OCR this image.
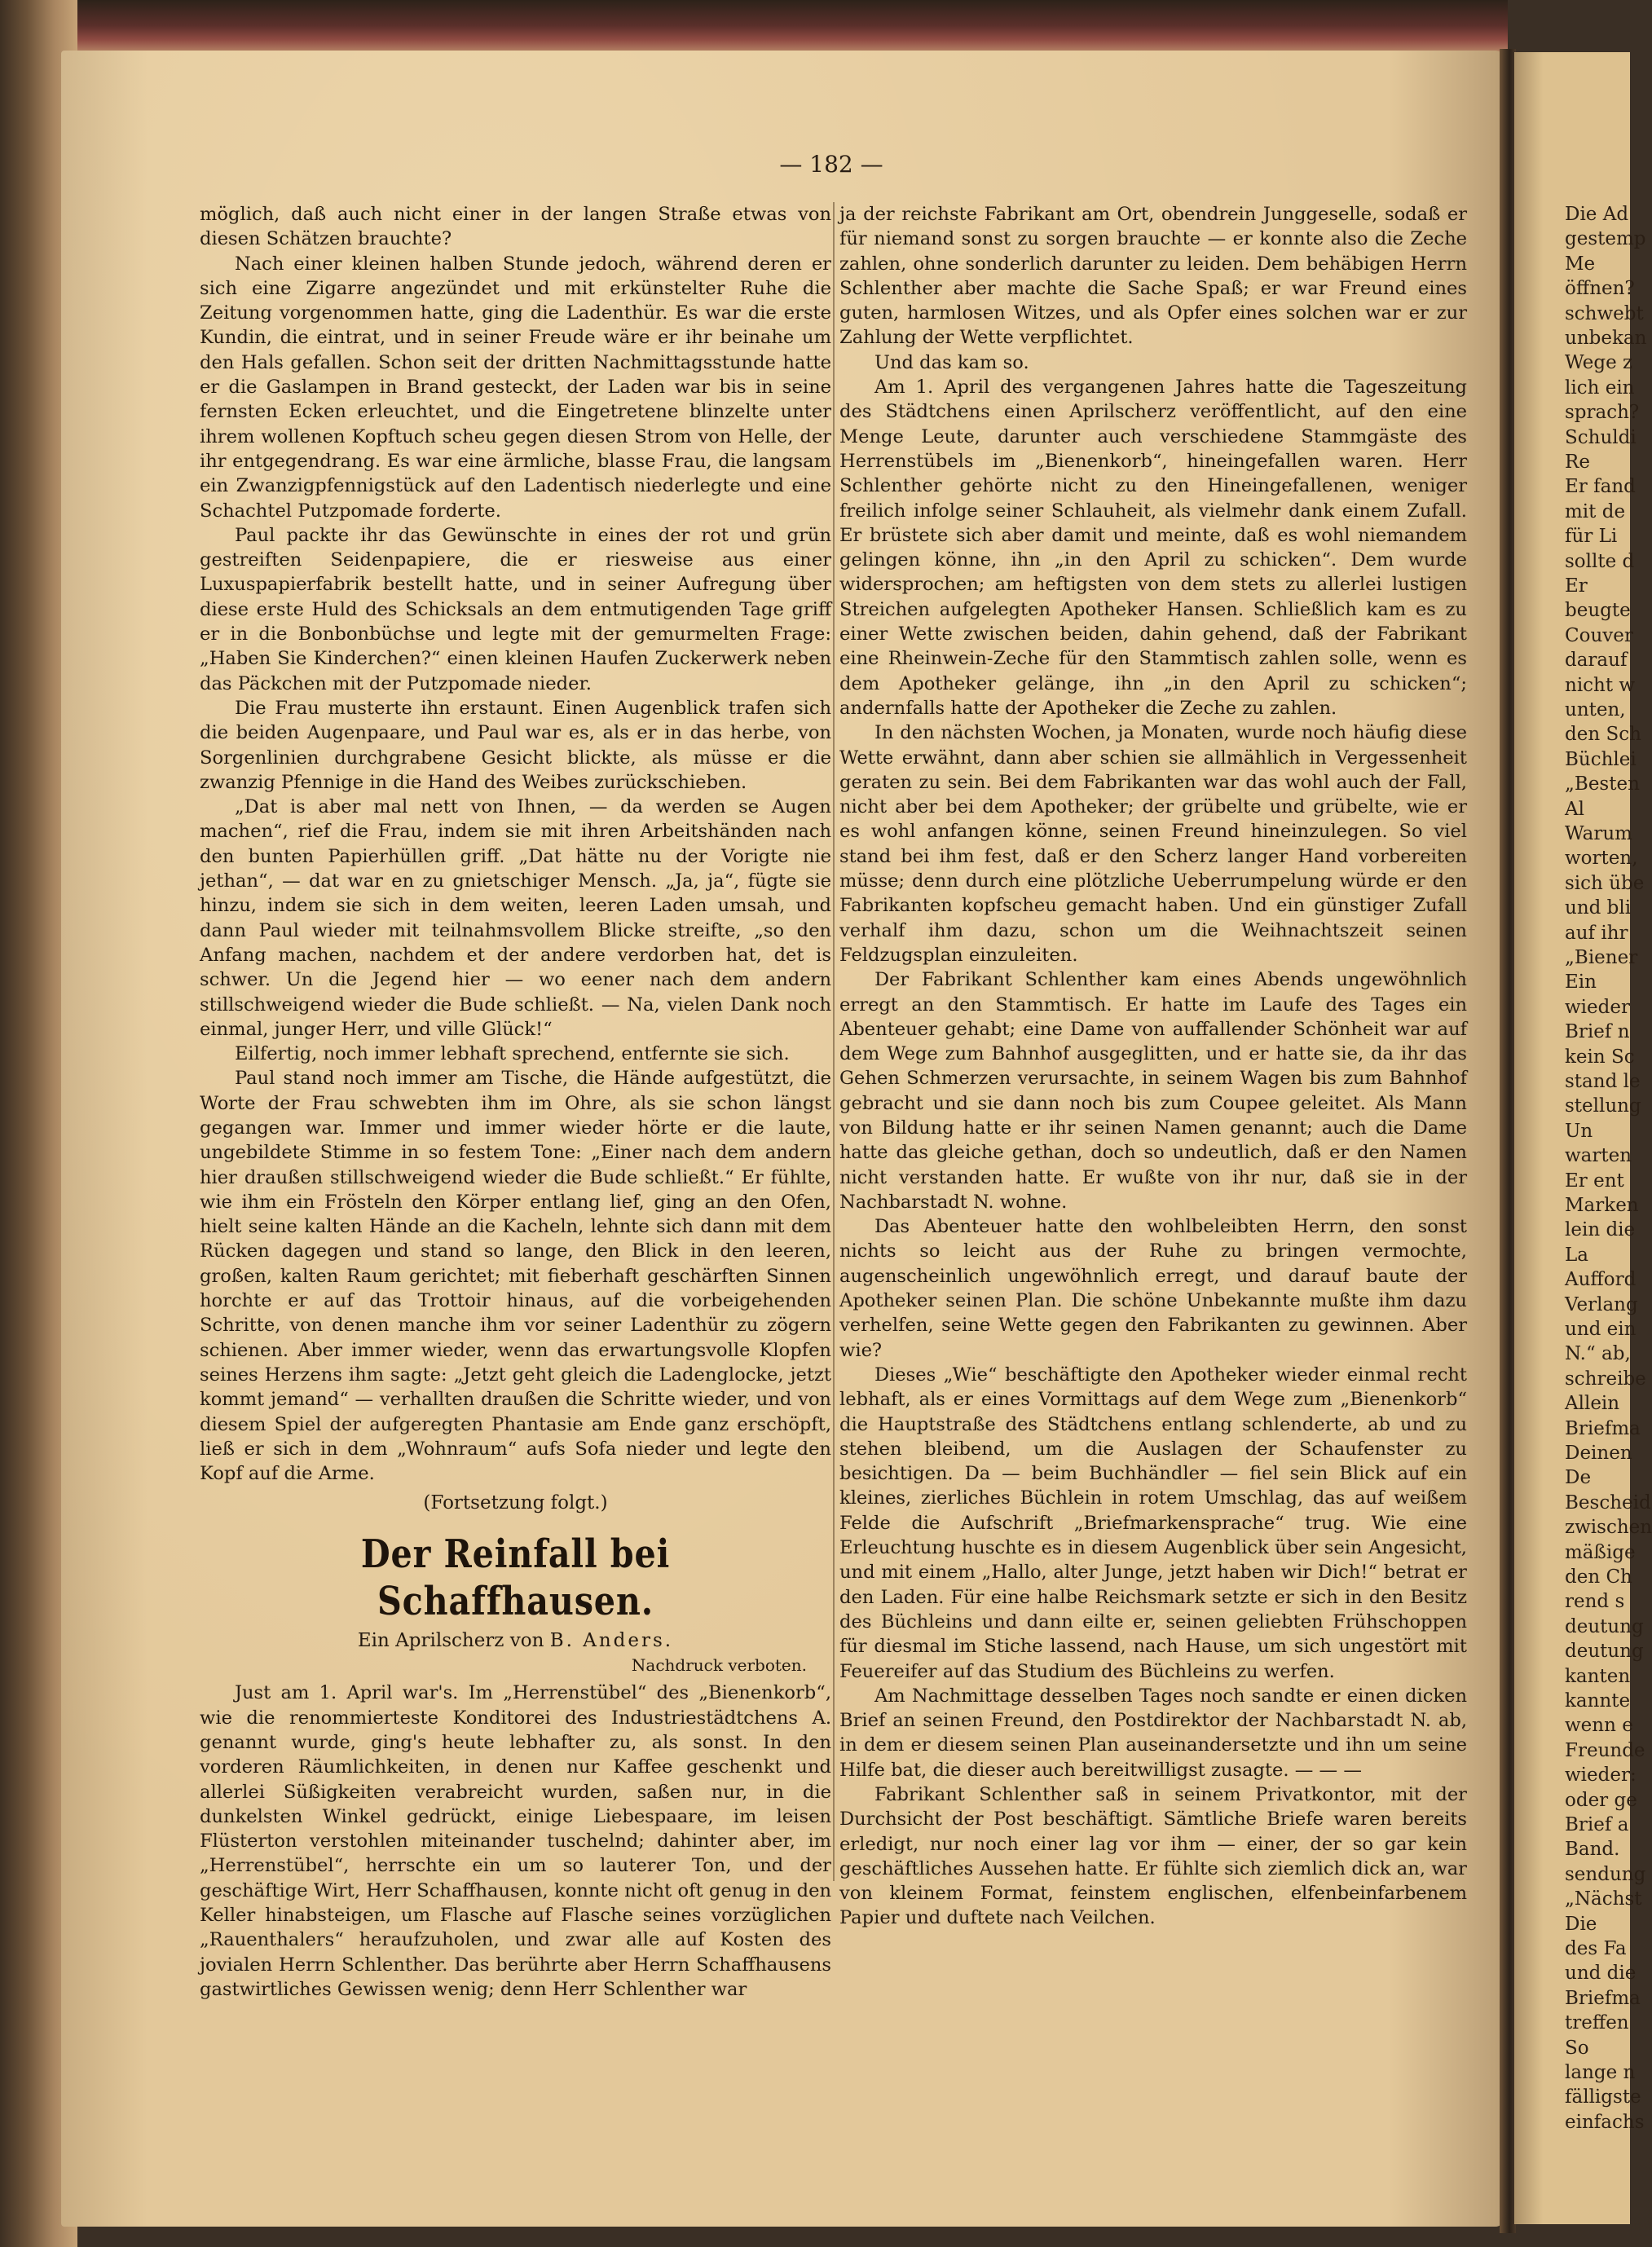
Die Ad
gestemp
Me
öffnen?
schwebt
unbekan
Wege z
lich ein
sprach?
Schuldi
Re
Er fand
mit de
für Li
sollte d
Er
beugte
Couver
darauf
nicht w
unten,
den Sch
Büchlei
„Besten
Al
Warum
worten,
sich übe
und bli
auf ihr
„Biener
Ein
wieder
Brief n
kein Sc
stand le
stellung
Un
warten
Er ent
Marken
lein die
La
Aufford
Verlang
und ein
N.“ ab,
schreibe
Allein
Briefma
Deinen
De
Bescheid
zwischen
mäßige
den Ch
rend s
deutung
deutung
kanten
kannte
wenn e
Freunde
wieder:
oder ge
Brief a
Band.
sendung
„Nächst
Die
des Fa
und die
Briefma
treffen
So
lange n
fälligste
einfachs
— 182 —

möglich, daß auch nicht einer in der langen Straße etwas von diesen Schätzen brauchte?

Nach einer kleinen halben Stunde jedoch, während deren er sich eine Zigarre angezündet und mit erkünstelter Ruhe die Zeitung vorgenommen hatte, ging die Ladenthür. Es war die erste Kundin, die eintrat, und in seiner Freude wäre er ihr beinahe um den Hals gefallen. Schon seit der dritten Nachmittagsstunde hatte er die Gaslampen in Brand gesteckt, der Laden war bis in seine fernsten Ecken erleuchtet, und die Eingetretene blinzelte unter ihrem wollenen Kopftuch scheu gegen diesen Strom von Helle, der ihr entgegendrang. Es war eine ärmliche, blasse Frau, die langsam ein Zwanzigpfennigstück auf den Ladentisch niederlegte und eine Schachtel Putzpomade forderte.

Paul packte ihr das Gewünschte in eines der rot und grün gestreiften Seidenpapiere, die er riesweise aus einer Luxuspapierfabrik bestellt hatte, und in seiner Aufregung über diese erste Huld des Schicksals an dem entmutigenden Tage griff er in die Bonbonbüchse und legte mit der gemurmelten Frage: „Haben Sie Kinderchen?“ einen kleinen Haufen Zuckerwerk neben das Päckchen mit der Putzpomade nieder.

Die Frau musterte ihn erstaunt. Einen Augenblick trafen sich die beiden Augenpaare, und Paul war es, als er in das herbe, von Sorgenlinien durchgrabene Gesicht blickte, als müsse er die zwanzig Pfennige in die Hand des Weibes zurückschieben.

„Dat is aber mal nett von Ihnen, — da werden se Augen machen“, rief die Frau, indem sie mit ihren Arbeitshänden nach den bunten Papierhüllen griff. „Dat hätte nu der Vorigte nie jethan“, — dat war en zu gnietschiger Mensch. „Ja, ja“, fügte sie hinzu, indem sie sich in dem weiten, leeren Laden umsah, und dann Paul wieder mit teilnahmsvollem Blicke streifte, „so den Anfang machen, nachdem et der andere verdorben hat, det is schwer. Un die Jegend hier — wo eener nach dem andern stillschweigend wieder die Bude schließt. — Na, vielen Dank noch einmal, junger Herr, und ville Glück!“

Eilfertig, noch immer lebhaft sprechend, entfernte sie sich.

Paul stand noch immer am Tische, die Hände aufgestützt, die Worte der Frau schwebten ihm im Ohre, als sie schon längst gegangen war. Immer und immer wieder hörte er die laute, ungebildete Stimme in so festem Tone: „Einer nach dem andern hier draußen stillschweigend wieder die Bude schließt.“ Er fühlte, wie ihm ein Frösteln den Körper entlang lief, ging an den Ofen, hielt seine kalten Hände an die Kacheln, lehnte sich dann mit dem Rücken dagegen und stand so lange, den Blick in den leeren, großen, kalten Raum gerichtet; mit fieberhaft geschärften Sinnen horchte er auf das Trottoir hinaus, auf die vorbeigehenden Schritte, von denen manche ihm vor seiner Ladenthür zu zögern schienen. Aber immer wieder, wenn das erwartungsvolle Klopfen seines Herzens ihm sagte: „Jetzt geht gleich die Ladenglocke, jetzt kommt jemand“ — verhallten draußen die Schritte wieder, und von diesem Spiel der aufgeregten Phantasie am Ende ganz erschöpft, ließ er sich in dem „Wohnraum“ aufs Sofa nieder und legte den Kopf auf die Arme.

(Fortsetzung folgt.)
Der Reinfall bei Schaffhausen.
Ein Aprilscherz von B. Anders.
Nachdruck verboten.

Just am 1. April war's. Im „Herrenstübel“ des „Bienenkorb“, wie die renommierteste Konditorei des Industriestädtchens A. genannt wurde, ging's heute lebhafter zu, als sonst. In den vorderen Räumlichkeiten, in denen nur Kaffee geschenkt und allerlei Süßigkeiten verabreicht wurden, saßen nur, in die dunkelsten Winkel gedrückt, einige Liebespaare, im leisen Flüsterton verstohlen miteinander tuschelnd; dahinter aber, im „Herrenstübel“, herrschte ein um so lauterer Ton, und der geschäftige Wirt, Herr Schaffhausen, konnte nicht oft genug in den Keller hinabsteigen, um Flasche auf Flasche seines vorzüglichen „Rauenthalers“ heraufzuholen, und zwar alle auf Kosten des jovialen Herrn Schlenther. Das berührte aber Herrn Schaffhausens gastwirtliches Gewissen wenig; denn Herr Schlenther war

ja der reichste Fabrikant am Ort, obendrein Junggeselle, sodaß er für niemand sonst zu sorgen brauchte — er konnte also die Zeche zahlen, ohne sonderlich darunter zu leiden. Dem behäbigen Herrn Schlenther aber machte die Sache Spaß; er war Freund eines guten, harmlosen Witzes, und als Opfer eines solchen war er zur Zahlung der Wette verpflichtet.

Und das kam so.

Am 1. April des vergangenen Jahres hatte die Tageszeitung des Städtchens einen Aprilscherz veröffentlicht, auf den eine Menge Leute, darunter auch verschiedene Stammgäste des Herrenstübels im „Bienenkorb“, hineingefallen waren. Herr Schlenther gehörte nicht zu den Hineingefallenen, weniger freilich infolge seiner Schlauheit, als vielmehr dank einem Zufall. Er brüstete sich aber damit und meinte, daß es wohl niemandem gelingen könne, ihn „in den April zu schicken“. Dem wurde widersprochen; am heftigsten von dem stets zu allerlei lustigen Streichen aufgelegten Apotheker Hansen. Schließlich kam es zu einer Wette zwischen beiden, dahin gehend, daß der Fabrikant eine Rheinwein-Zeche für den Stammtisch zahlen solle, wenn es dem Apotheker gelänge, ihn „in den April zu schicken“; andernfalls hatte der Apotheker die Zeche zu zahlen.

In den nächsten Wochen, ja Monaten, wurde noch häufig diese Wette erwähnt, dann aber schien sie allmählich in Vergessenheit geraten zu sein. Bei dem Fabrikanten war das wohl auch der Fall, nicht aber bei dem Apotheker; der grübelte und grübelte, wie er es wohl anfangen könne, seinen Freund hineinzulegen. So viel stand bei ihm fest, daß er den Scherz langer Hand vorbereiten müsse; denn durch eine plötzliche Ueberrumpelung würde er den Fabrikanten kopfscheu gemacht haben. Und ein günstiger Zufall verhalf ihm dazu, schon um die Weihnachtszeit seinen Feldzugsplan einzuleiten.

Der Fabrikant Schlenther kam eines Abends ungewöhnlich erregt an den Stammtisch. Er hatte im Laufe des Tages ein Abenteuer gehabt; eine Dame von auffallender Schönheit war auf dem Wege zum Bahnhof ausgeglitten, und er hatte sie, da ihr das Gehen Schmerzen verursachte, in seinem Wagen bis zum Bahnhof gebracht und sie dann noch bis zum Coupee geleitet. Als Mann von Bildung hatte er ihr seinen Namen genannt; auch die Dame hatte das gleiche gethan, doch so undeutlich, daß er den Namen nicht verstanden hatte. Er wußte von ihr nur, daß sie in der Nachbarstadt N. wohne.

Das Abenteuer hatte den wohlbeleibten Herrn, den sonst nichts so leicht aus der Ruhe zu bringen vermochte, augenscheinlich ungewöhnlich erregt, und darauf baute der Apotheker seinen Plan. Die schöne Unbekannte mußte ihm dazu verhelfen, seine Wette gegen den Fabrikanten zu gewinnen. Aber wie?

Dieses „Wie“ beschäftigte den Apotheker wieder einmal recht lebhaft, als er eines Vormittags auf dem Wege zum „Bienenkorb“ die Hauptstraße des Städtchens entlang schlenderte, ab und zu stehen bleibend, um die Auslagen der Schaufenster zu besichtigen. Da — beim Buchhändler — fiel sein Blick auf ein kleines, zierliches Büchlein in rotem Umschlag, das auf weißem Felde die Aufschrift „Briefmarkensprache“ trug. Wie eine Erleuchtung huschte es in diesem Augenblick über sein Angesicht, und mit einem „Hallo, alter Junge, jetzt haben wir Dich!“ betrat er den Laden. Für eine halbe Reichsmark setzte er sich in den Besitz des Büchleins und dann eilte er, seinen geliebten Frühschoppen für diesmal im Stiche lassend, nach Hause, um sich ungestört mit Feuereifer auf das Studium des Büchleins zu werfen.

Am Nachmittage desselben Tages noch sandte er einen dicken Brief an seinen Freund, den Postdirektor der Nachbarstadt N. ab, in dem er diesem seinen Plan auseinandersetzte und ihn um seine Hilfe bat, die dieser auch bereitwilligst zusagte. — — —

Fabrikant Schlenther saß in seinem Privatkontor, mit der Durchsicht der Post beschäftigt. Sämtliche Briefe waren bereits erledigt, nur noch einer lag vor ihm — einer, der so gar kein geschäftliches Aussehen hatte. Er fühlte sich ziemlich dick an, war von kleinem Format, feinstem englischen, elfenbeinfarbenem Papier und duftete nach Veilchen.
